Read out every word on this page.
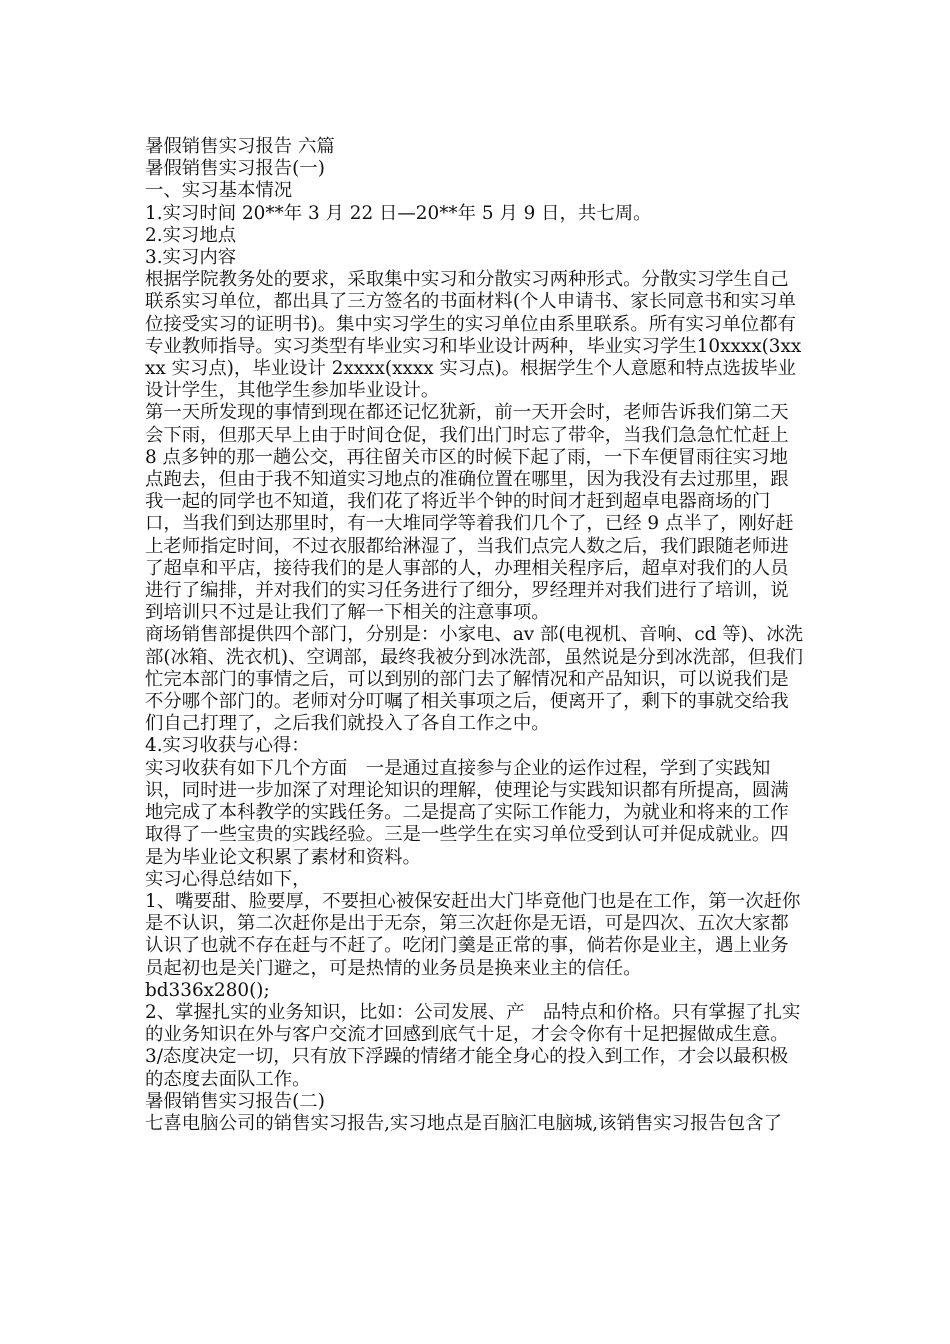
暑假销售实习报告 六篇

暑假销售实习报告(一)

一、实习基本情况

1.实习时间 20**年 3 月 22 日—20**年 5 月 9 日，共七周。

2.实习地点

3.实习内容

根据学院教务处的要求，采取集中实习和分散实习两种形式。分散实习学生自己联系实习单位，都出具了三方签名的书面材料(个人申请书、家长同意书和实习单位接受实习的证明书)。集中实习学生的实习单位由系里联系。所有实习单位都有专业教师指导。实习类型有毕业实习和毕业设计两种，毕业实习学生10xxxx(3xxxx 实习点)，毕业设计 2xxxx(xxxx 实习点)。根据学生个人意愿和特点选拔毕业设计学生，其他学生参加毕业设计。

第一天所发现的事情到现在都还记忆犹新，前一天开会时，老师告诉我们第二天会下雨，但那天早上由于时间仓促，我们出门时忘了带伞，当我们急急忙忙赶上 8 点多钟的那一趟公交，再往留关市区的时候下起了雨，一下车便冒雨往实习地点跑去，但由于我不知道实习地点的准确位置在哪里，因为我没有去过那里，跟我一起的同学也不知道，我们花了将近半个钟的时间才赶到超卓电器商场的门口，当我们到达那里时，有一大堆同学等着我们几个了，已经 9 点半了，刚好赶上老师指定时间，不过衣服都给淋湿了，当我们点完人数之后，我们跟随老师进了超卓和平店，接待我们的是人事部的人，办理相关程序后，超卓对我们的人员进行了编排，并对我们的实习任务进行了细分，罗经理并对我们进行了培训，说到培训只不过是让我们了解一下相关的注意事项。

商场销售部提供四个部门，分别是：小家电、av 部(电视机、音响、cd 等)、冰洗部(冰箱、洗衣机)、空调部，最终我被分到冰洗部，虽然说是分到冰洗部，但我们忙完本部门的事情之后，可以到别的部门去了解情况和产品知识，可以说我们是不分哪个部门的。老师对分叮嘱了相关事项之后，便离开了，剩下的事就交给我们自己打理了，之后我们就投入了各自工作之中。

4.实习收获与心得：

实习收获有如下几个方面　一是通过直接参与企业的运作过程，学到了实践知识，同时进一步加深了对理论知识的理解，使理论与实践知识都有所提高，圆满地完成了本科教学的实践任务。二是提高了实际工作能力，为就业和将来的工作取得了一些宝贵的实践经验。三是一些学生在实习单位受到认可并促成就业。四是为毕业论文积累了素材和资料。

实习心得总结如下，

1、嘴要甜、脸要厚，不要担心被保安赶出大门毕竟他门也是在工作，第一次赶你是不认识，第二次赶你是出于无奈，第三次赶你是无语，可是四次、五次大家都认识了也就不存在赶与不赶了。吃闭门羹是正常的事，倘若你是业主，遇上业务员起初也是关门避之，可是热情的业务员是换来业主的信任。

bd336x280();

2、掌握扎实的业务知识，比如：公司发展、产　品特点和价格。只有掌握了扎实的业务知识在外与客户交流才回感到底气十足，才会令你有十足把握做成生意。

3/态度决定一切，只有放下浮躁的情绪才能全身心的投入到工作，才会以最积极的态度去面队工作。

暑假销售实习报告(二)

七喜电脑公司的销售实习报告,实习地点是百脑汇电脑城,该销售实习报告包含了
